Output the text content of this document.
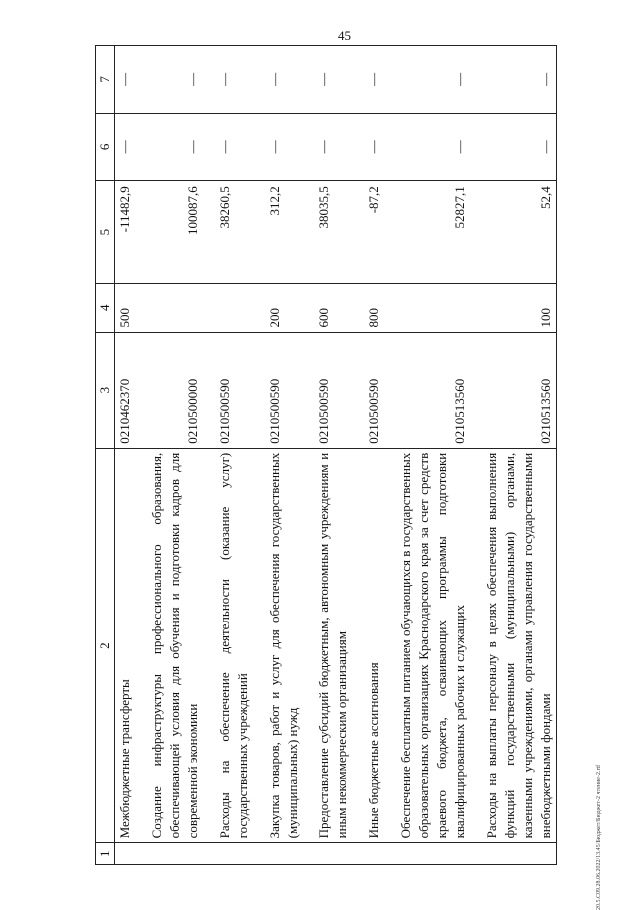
45
20.5.С09.28.06.2022/13.45/Бюджет/Бюджет-2 чтение-2.rtf
1	2	3	4	5	6	7
	Межбюджетные трансферты	0210462370	500	-11482,9	—	—

	Создание инфраструктуры профессионального образования, обеспечивающей условия для обучения и подготовки кадров для современной экономики	0210500000		100087,6	—	—

	Расходы на обеспечение деятельности (оказание услуг) государственных учреждений	0210500590		38260,5	—	—

	Закупка товаров, работ и услуг для обеспечения государственных (муниципальных) нужд	0210500590	200	312,2	—	—

	Предоставление субсидий бюджетным, автономным учреждениям и иным некоммерческим организациям	0210500590	600	38035,5	—	—

	Иные бюджетные ассигнования	0210500590	800	-87,2	—	—

	Обеспечение бесплатным питанием обучающихся в государственных образовательных организациях Краснодарского края за счет средств краевого бюджета, осваивающих программы подготовки квалифицированных рабочих и служащих	0210513560		52827,1	—	—

	Расходы на выплаты персоналу в целях обеспечения выполнения функций государственными (муниципальными) органами, казенными учреждениями, органами управления государственными внебюджетными фондами	0210513560	100	52,4	—	—
